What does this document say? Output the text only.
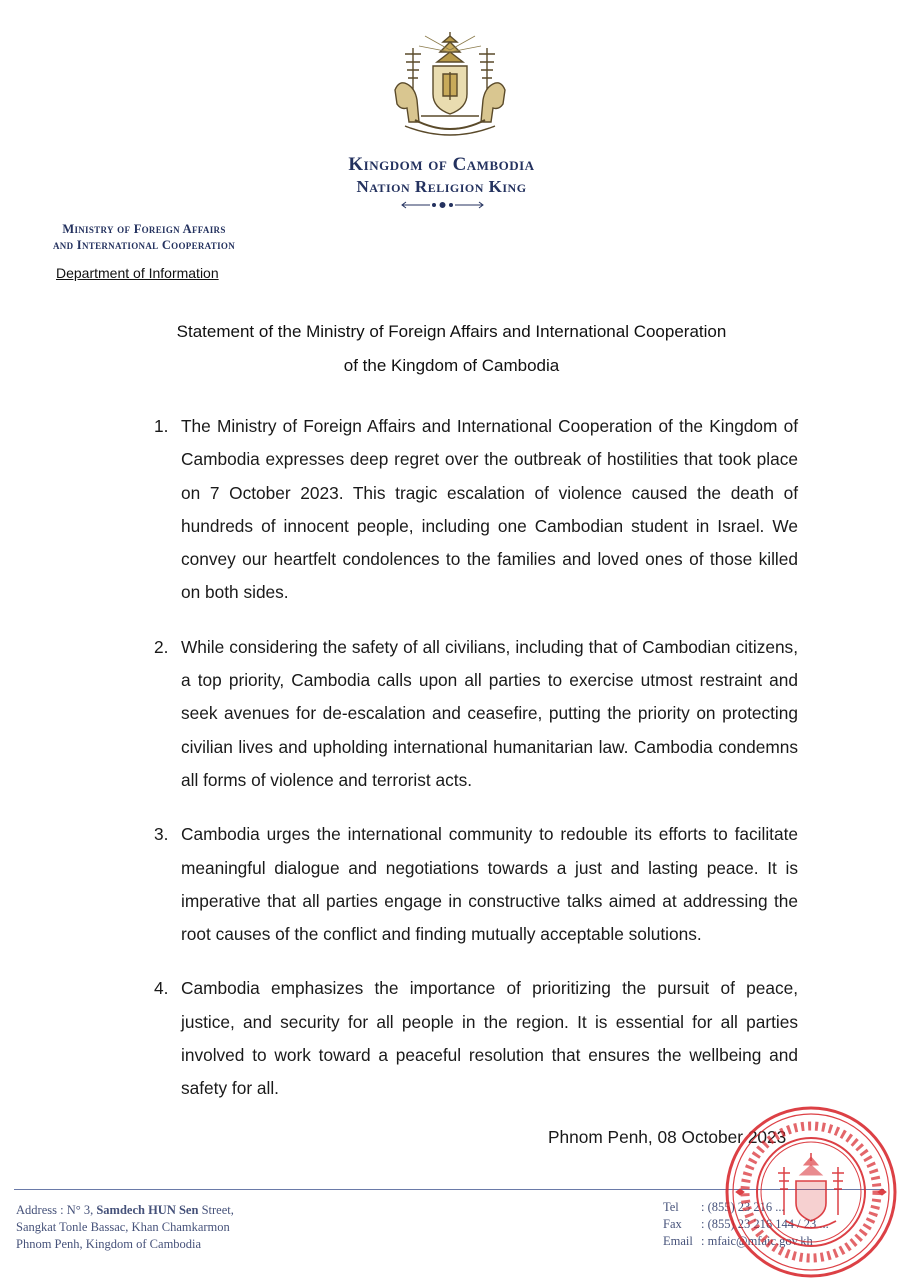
Kingdom of Cambodia
Nation Religion King
Ministry of Foreign Affairs
and International Cooperation
Department of Information
Statement of the Ministry of Foreign Affairs and International Cooperation
of the Kingdom of Cambodia
1. The Ministry of Foreign Affairs and International Cooperation of the Kingdom of Cambodia expresses deep regret over the outbreak of hostilities that took place on 7 October 2023. This tragic escalation of violence caused the death of hundreds of innocent people, including one Cambodian student in Israel. We convey our heartfelt condolences to the families and loved ones of those killed on both sides.
2. While considering the safety of all civilians, including that of Cambodian citizens, a top priority, Cambodia calls upon all parties to exercise utmost restraint and seek avenues for de-escalation and ceasefire, putting the priority on protecting civilian lives and upholding international humanitarian law. Cambodia condemns all forms of violence and terrorist acts.
3. Cambodia urges the international community to redouble its efforts to facilitate meaningful dialogue and negotiations towards a just and lasting peace. It is imperative that all parties engage in constructive talks aimed at addressing the root causes of the conflict and finding mutually acceptable solutions.
4. Cambodia emphasizes the importance of prioritizing the pursuit of peace, justice, and security for all people in the region. It is essential for all parties involved to work toward a peaceful resolution that ensures the wellbeing and safety for all.
Phnom Penh, 08 October 2023
Address : N° 3, Samdech HUN Sen Street,
Sangkat Tonle Bassac, Khan Chamkarmon
Phnom Penh, Kingdom of Cambodia
Tel : (855) 23 216 ...
Fax : (855) 23 216 144 / 23 ...
Email : mfaic@mfaic.gov.kh
